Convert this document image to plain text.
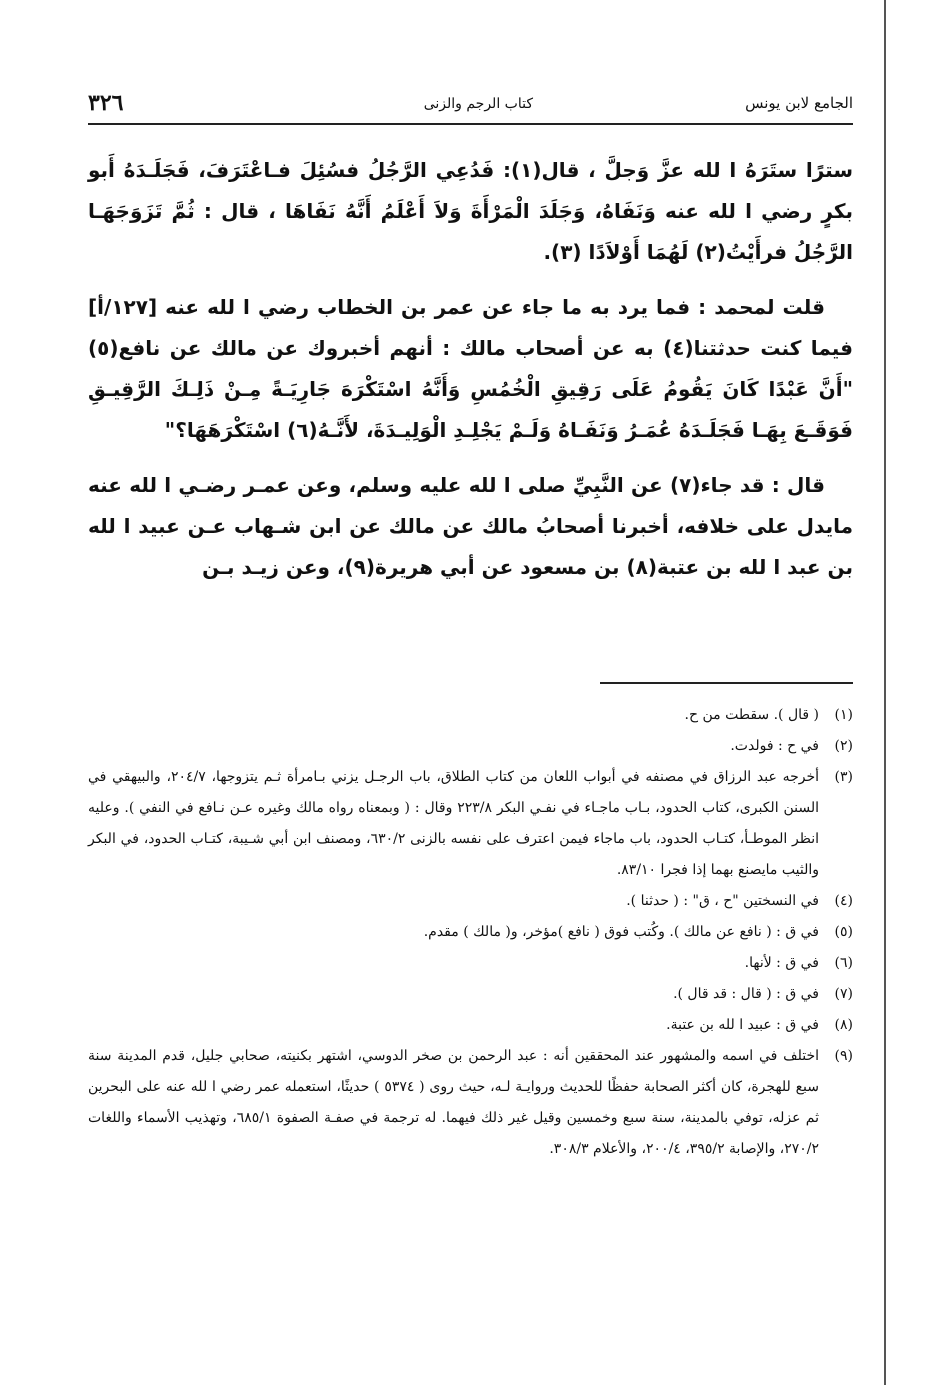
الجامع لابن يونس
كتاب الرجم والزنى
٣٢٦

سترًا ستَرَهُ ا لله عزَّ وَجلَّ ، قال(١): فَدُعِي الرَّجُلُ فسُئِلَ فـاعْتَرَفَ، فَجَلَـدَهُ أَبو بكرٍ رضي ا لله عنه وَنَفَاهُ، وَجَلَدَ الْمَرْأَةَ وَلاَ أَعْلَمُ أَنَّهُ نَفَاهَا ، قال : ثُمَّ تَزَوَجَهَـا الرَّجُلُ فرأَيْتُ(٢) لَهُمَا أَوْلاَدًا (٣).

قلت لمحمد : فما يرد به ما جاء عن عمر بن الخطاب رضي ا لله عنه [١٢٧/أ] فيما كنت حدثتنا(٤) به عن أصحاب مالك : أنهم أخبروك عن مالك عن نافع(٥) "أَنَّ عَبْدًا كَانَ يَقُومُ عَلَى رَقِيقِ الْخُمُسِ وَأَنَّهُ اسْتَكْرَهَ جَارِيَـةً مِـنْ ذَلِـكَ الرَّقِيـقِ فَوَقَـعَ بِهَـا فَجَلَـدَهُ عُمَـرُ وَنَفَـاهُ وَلَـمْ يَجْلِـدِ الْوَلِيـدَةَ، لأَنَّـهُ(٦) اسْتَكْرَهَهَا؟"

قال : قد جاء(٧) عن النَّبِيِّ صلى ا لله عليه وسلم، وعن عمـر رضـي ا لله عنه مايدل على خلافه، أخبرنا أصحابُ مالك عن مالك عن ابن شـهاب عـن عبيد ا لله بن عبد ا لله بن عتبة(٨) بن مسعود عن أبي هريرة(٩)، وعن زيـد بـن

(١)( قال ). سقطت من ح.

(٢)في ح : فولدت.

(٣)أخرجه عبد الرزاق في مصنفه في أبواب اللعان من كتاب الطلاق، باب الرجـل يزني بـامرأة ثـم يتزوجها، ٢٠٤/٧، والبيهقي في السنن الكبرى، كتاب الحدود، بـاب ماجـاء في نفـي البكر ٢٢٣/٨ وقال : ( وبمعناه رواه مالك وغيره عـن نـافع في النفي ). وعليه انظر الموطـأ، كتـاب الحدود، باب ماجاء فيمن اعترف على نفسه بالزنى ٦٣٠/٢، ومصنف ابن أبي شـيبة، كتـاب الحدود، في البكر والثيب مايصنع بهما إذا فجرا ٨٣/١٠.

(٤)في النسختين "ح ، ق" : ( حدثنا ).

(٥)في ق : ( نافع عن مالك ). وكُتب فوق ( نافع )مؤخر، و( مالك ) مقدم.

(٦)في ق : لأنها.

(٧)في ق : ( قال : قد قال ).

(٨)في ق : عبيد ا لله بن عتبة.

(٩)اختلف في اسمه والمشهور عند المحققين أنه : عبد الرحمن بن صخر الدوسي، اشتهر بكنيته، صحابي جليل، قدم المدينة سنة سبع للهجرة، كان أكثر الصحابة حفظًا للحديث وروايـة لـه، حيث روى ( ٥٣٧٤ ) حديثًا، استعمله عمر رضي ا لله عنه على البحرين ثم عزله، توفي بالمدينة، سنة سبع وخمسين وقيل غير ذلك فيهما. له ترجمة في صفـة الصفوة ٦٨٥/١، وتهذيب الأسماء واللغات ٢٧٠/٢، والإصابة ٣٩٥/٢، ٢٠٠/٤، والأعلام ٣٠٨/٣.
